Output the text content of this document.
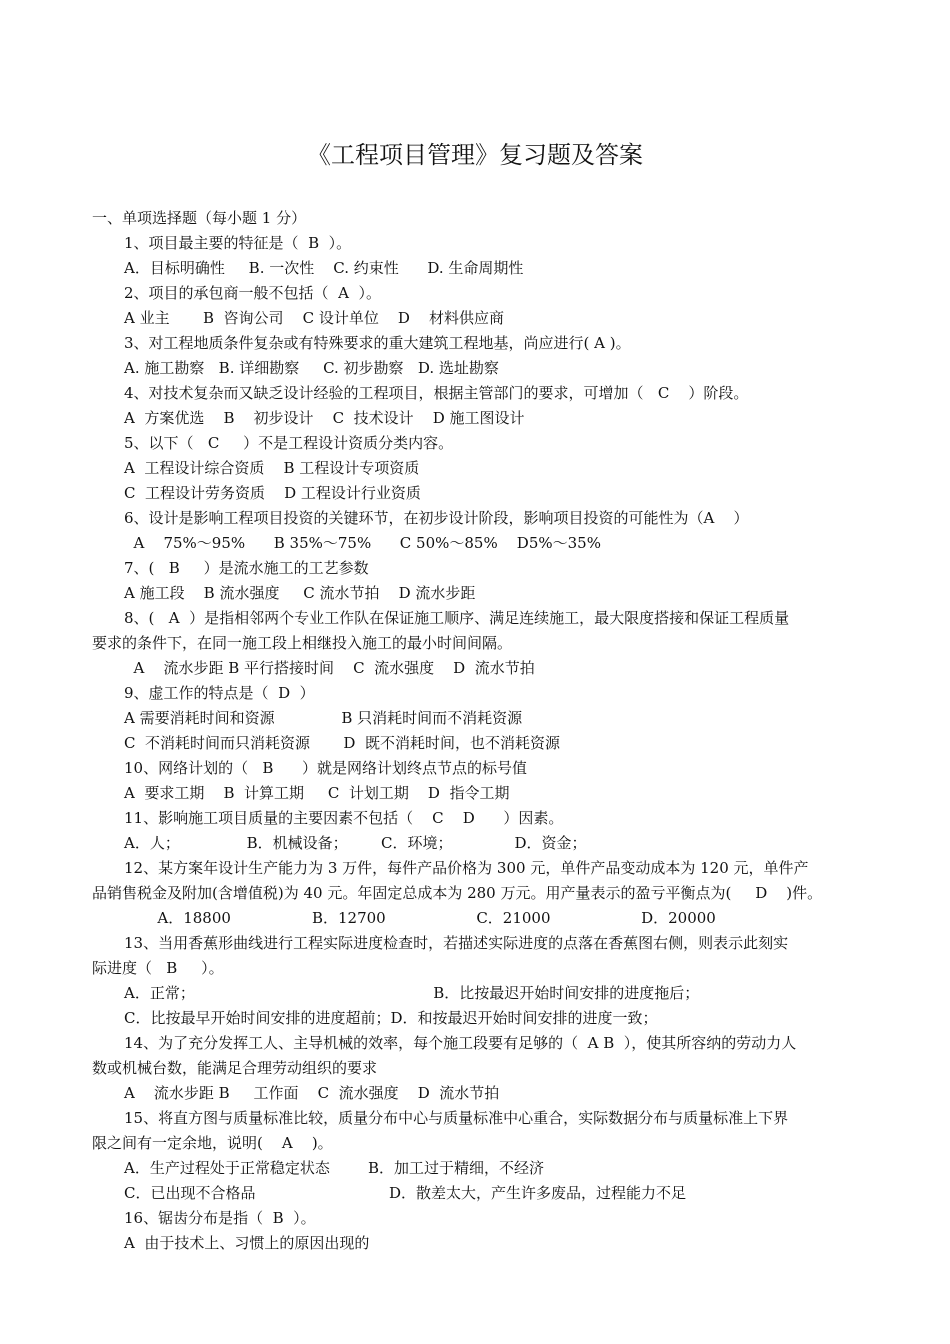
《工程项目管理》复习题及答案
一、单项选择题（每小题 1 分）
1、项目最主要的特征是（  B  ）。
A．目标明确性     B. 一次性    C. 约束性      D. 生命周期性
2、项目的承包商一般不包括（  A  ）。
A 业主       B  咨询公司    C 设计单位    D    材料供应商
3、对工程地质条件复杂或有特殊要求的重大建筑工程地基，尚应进行( A )。
A. 施工勘察   B. 详细勘察     C. 初步勘察   D. 选址勘察
4、对技术复杂而又缺乏设计经验的工程项目，根据主管部门的要求，可增加（   C    ）阶段。
A  方案优选    B    初步设计    C  技术设计    D 施工图设计
5、以下（   C     ）不是工程设计资质分类内容。
A  工程设计综合资质    B 工程设计专项资质
C  工程设计劳务资质    D 工程设计行业资质
6、设计是影响工程项目投资的关键环节，在初步设计阶段，影响项目投资的可能性为（A    ）
A    75%～95%      B 35%～75%      C 50%～85%    D5%～35%
7、(   B     ）是流水施工的工艺参数
A 施工段    B 流水强度     C 流水节拍    D 流水步距
8、(   A  ）是指相邻两个专业工作队在保证施工顺序、满足连续施工，最大限度搭接和保证工程质量
要求的条件下，在同一施工段上相继投入施工的最小时间间隔。
A    流水步距 B 平行搭接时间    C  流水强度    D  流水节拍
9、虚工作的特点是（  D  ）
A 需要消耗时间和资源              B 只消耗时间而不消耗资源
C  不消耗时间而只消耗资源       D  既不消耗时间，也不消耗资源
10、网络计划的（   B      ）就是网络计划终点节点的标号值
A  要求工期    B  计算工期     C  计划工期    D  指令工期
11、影响施工项目质量的主要因素不包括（    C    D      ）因素。
A．人；              B．机械设备；       C．环境；             D．资金；
12、某方案年设计生产能力为 3 万件，每件产品价格为 300 元，单件产品变动成本为 120 元，单件产
品销售税金及附加(含增值税)为 40 元。年固定总成本为 280 万元。用产量表示的盈亏平衡点为(     D    )件。
A．18800                 B．12700                   C．21000                   D．20000
13、当用香蕉形曲线进行工程实际进度检查时，若描述实际进度的点落在香蕉图右侧，则表示此刻实
际进度（   B     ）。
A．正常；                                                  B．比按最迟开始时间安排的进度拖后；
C．比按最早开始时间安排的进度超前；D．和按最迟开始时间安排的进度一致；
14、为了充分发挥工人、主导机械的效率，每个施工段要有足够的（  A B  ），使其所容纳的劳动力人
数或机械台数，能满足合理劳动组织的要求
A    流水步距 B     工作面    C  流水强度    D  流水节拍
15、将直方图与质量标准比较，质量分布中心与质量标准中心重合，实际数据分布与质量标准上下界
限之间有一定余地，说明(    A    )。
A．生产过程处于正常稳定状态        B．加工过于精细，不经济
C．已出现不合格品                            D．散差太大，产生许多废品，过程能力不足
16、锯齿分布是指（  B  ）。
A  由于技术上、习惯上的原因出现的
